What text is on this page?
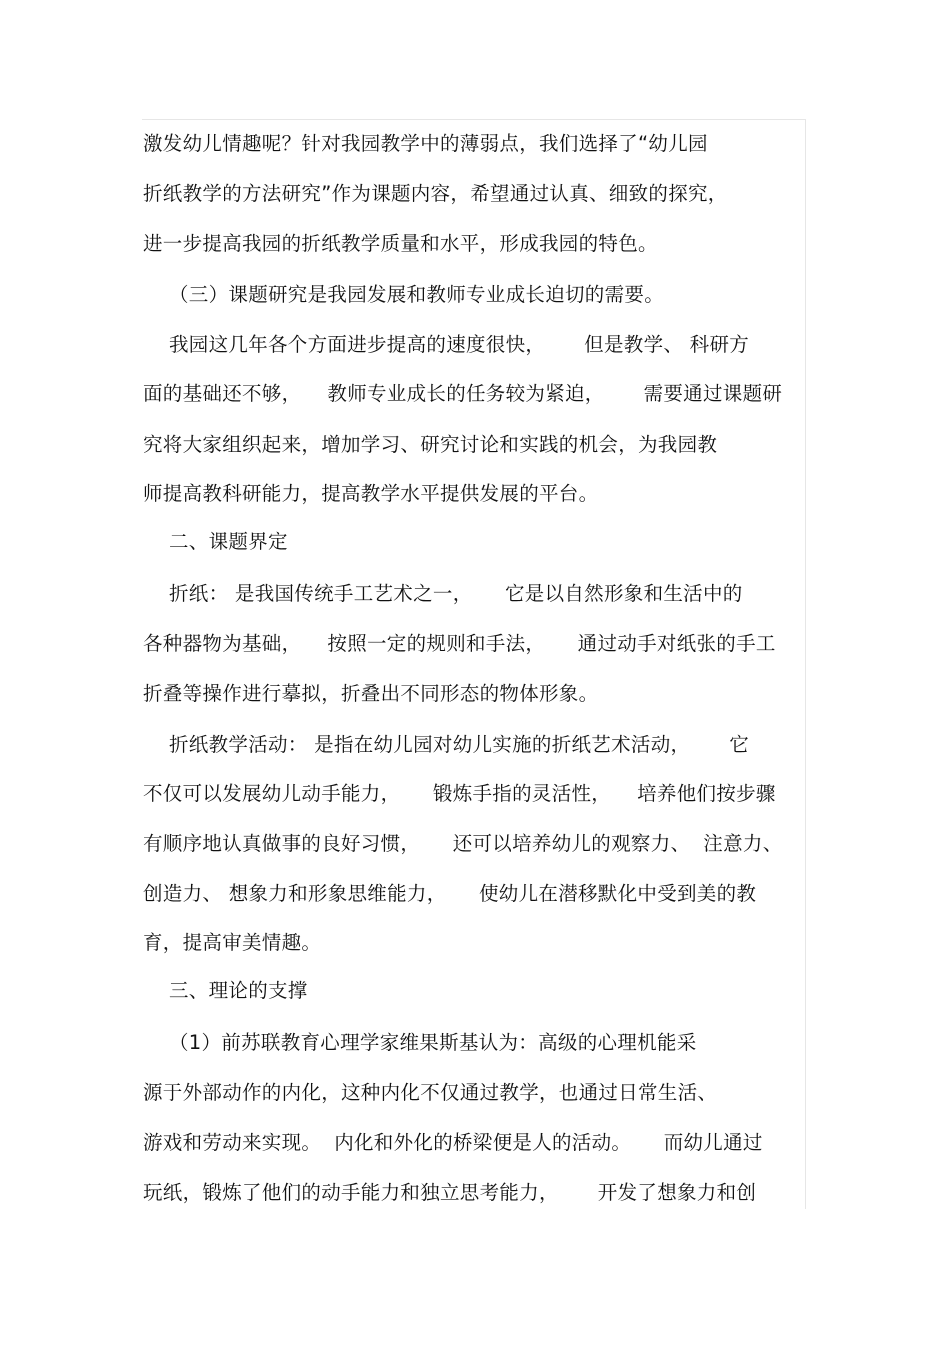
激发幼儿情趣呢？针对我园教学中的薄弱点，我们选择了“幼儿园
折纸教学的方法研究”作为课题内容，希望通过认真、细致的探究，
进一步提高我园的折纸教学质量和水平，形成我园的特色。
（三）课题研究是我园发展和教师专业成长迫切的需要。
我园这几年各个方面进步提高的速度很快，      但是教学、 科研方
面的基础还不够，    教师专业成长的任务较为紧迫，      需要通过课题研
究将大家组织起来，增加学习、研究讨论和实践的机会，为我园教
师提高教科研能力，提高教学水平提供发展的平台。
二、课题界定
折纸： 是我国传统手工艺术之一，     它是以自然形象和生活中的
各种器物为基础，    按照一定的规则和手法，     通过动手对纸张的手工
折叠等操作进行摹拟，折叠出不同形态的物体形象。
折纸教学活动： 是指在幼儿园对幼儿实施的折纸艺术活动，      它
不仅可以发展幼儿动手能力，     锻炼手指的灵活性，    培养他们按步骤
有顺序地认真做事的良好习惯，     还可以培养幼儿的观察力、  注意力、
创造力、 想象力和形象思维能力，     使幼儿在潜移默化中受到美的教
育，提高审美情趣。
三、理论的支撑
（1）前苏联教育心理学家维果斯基认为：高级的心理机能采
源于外部动作的内化，这种内化不仅通过教学，也通过日常生活、
游戏和劳动来实现。  内化和外化的桥梁便是人的活动。     而幼儿通过
玩纸，锻炼了他们的动手能力和独立思考能力，      开发了想象力和创
